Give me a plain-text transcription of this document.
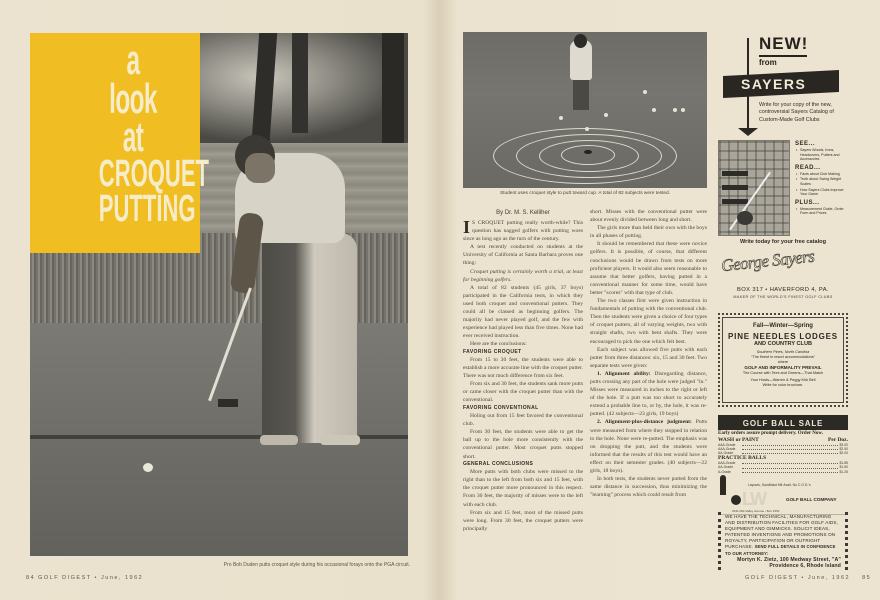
a
look
at
CROQUET
PUTTING
Pro Bob Duden putts croquet style during his occasional forays onto the PGA circuit.
84 GOLF DIGEST • June, 1962
Student uses croquet style to putt toward cup. A total of 82 subjects were tested.
By Dr. M. S. Kelliher

I S CROQUET putting really worth-while? This question has nagged golfers with putting woes since as long ago as the turn of the century.

A test recently conducted on students at the University of California at Santa Barbara proves one thing:

Croquet putting is certainly worth a trial, at least for beginning golfers.

A total of 82 students (45 girls, 37 boys) participated in the California tests, in which they used both croquet and conventional putters. They could all be classed as beginning golfers. The majority had never played golf, and the few with experience had played less than five times. None had ever received instruction.

Here are the conclusions:

FAVORING CROQUET

From 15 to 30 feet, the students were able to establish a more accurate line with the croquet putter. There was not much difference from six feet.

From six and 30 feet, the students sank more putts or came closer with the croquet putter than with the conventional.

FAVORING CONVENTIONAL

Holing out from 15 feet favored the conventional club.

From 30 feet, the students were able to get the ball up to the hole more consistently with the conventional putter. Most croquet putts stopped short.

GENERAL CONCLUSIONS

More putts with both clubs were missed to the right than to the left from both six and 15 feet, with the croquet putter more pronounced in this respect. From 30 feet, the majority of misses were to the left with each club.

From six and 15 feet, most of the missed putts were long. From 30 feet, the croquet putters were principally

short. Misses with the conventional putter were about evenly divided between long and short.

The girls more than held their own with the boys in all phases of putting.

It should be remembered that these were novice golfers. It is possible, of course, that different conclusions would be drawn from tests on more proficient players. It would also seem reasonable to assume that better golfers, having putted in a conventional manner for some time, would have better "scores" with that type of club.

The two classes first were given instruction in fundamentals of putting with the conventional club. Then the students were given a choice of four types of croquet putters, all of varying weights, two with straight shafts, two with bent shafts. They were encouraged to pick the one which felt best.

Each subject was allowed five putts with each putter from three distances: six, 15 and 30 feet. Two separate tests were given:

1. Alignment ability: Disregarding distance, putts crossing any part of the hole were judged "in." Misses were measured in inches to the right or left of the hole. If a putt was too short to accurately extend a probable line to, or by, the hole, it was re-putted. (42 subjects—23 girls, 19 boys)

2. Alignment-plus-distance judgment: Putts were measured from where they stopped in relation to the hole. None were re-putted. The emphasis was on dropping the putt, and the students were informed that the results of this test would have an effect on their semester grades. (40 subjects—22 girls, 18 boys).

In both tests, the students never putted from the same distance in succession, thus minimizing the "learning" process which could result from

NEW!
from
SAYERS
Write for your copy of the new, controversial Sayers Catalog of Custom-Made Golf Clubs
SEE...
• Sayers Woods, Irons, Headcovers, Putters and Accessories
READ...
• Facts about Club Making
• Truth about Swing Weight Scales
• How Sayers Clubs Improve Your Game
PLUS...
• Measurement Guide, Order Form and Prices
Write today for your free catalog
George Sayers
BOX 317 • HAVERFORD 4, PA.
MAKER OF THE WORLD'S FINEST GOLF CLUBS
Fall—Winter—Spring
PINE NEEDLES LODGES
AND COUNTRY CLUB
Southern Pines, North Carolina
"The finest in resort accommodations"
where
GOLF AND INFORMALITY PREVAIL
The Course with Tees and Greens—That Match
Your Hosts—Warren & Peggy Kirk Bell
Write for color brochure.
GOLF BALL SALE
Early orders assure prompt delivery. Order Now.
WASH or PAINT	Per Doz.
AAA-Grade	$3.00
AAA-Grade	$2.50
AA-Grade	$2.00
PRACTICE BALLS
AAA-Grade	$1.85
AA-Grade	$1.50
A-Grade	$1.25
Layouts, Sandblast Mfr Avail. No C.O.D.'s
LW	GOLF BALL COMPANY
2641 Mid-Valley Avenue • Box 1552
WE HAVE THE TECHNICAL, MANUFACTURING AND DISTRIBUTION FACILITIES FOR GOLF AIDS, EQUIPMENT AND GIMMICKS. SOLICIT IDEAS, PATENTED INVENTIONS AND PROMOTIONS ON ROYALTY, PARTICIPATION OR OUTRIGHT PURCHASE. SEND FULL DETAILS IN CONFIDENCE TO OUR ATTORNEY:
Mortyn K. Zietz, 100 Medway Street, "A"
Providence 6, Rhode Island
GOLF DIGEST • June, 1962 85
